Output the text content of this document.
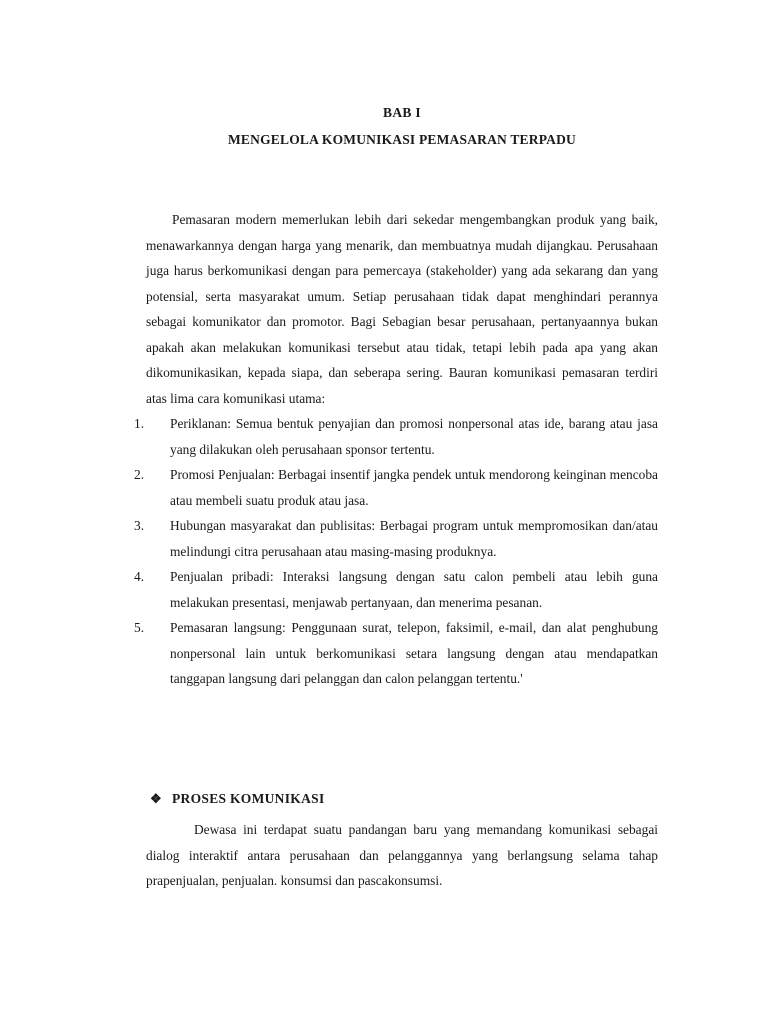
BAB I
MENGELOLA KOMUNIKASI PEMASARAN TERPADU

Pemasaran modern memerlukan lebih dari sekedar mengembangkan produk yang baik, menawarkannya dengan harga yang menarik, dan membuatnya mudah dijangkau. Perusahaan juga harus berkomunikasi dengan para pemercaya (stakeholder) yang ada sekarang dan yang potensial, serta masyarakat umum. Setiap perusahaan tidak dapat menghindari perannya sebagai komunikator dan promotor. Bagi Sebagian besar perusahaan, pertanyaannya bukan apakah akan melakukan komunikasi tersebut atau tidak, tetapi lebih pada apa yang akan dikomunikasikan, kepada siapa, dan seberapa sering. Bauran komunikasi pemasaran terdiri atas lima cara komunikasi utama:

1.	Periklanan: Semua bentuk penyajian dan promosi nonpersonal atas ide, barang atau jasa yang dilakukan oleh perusahaan sponsor tertentu.
2.	Promosi Penjualan: Berbagai insentif jangka pendek untuk mendorong keinginan mencoba atau membeli suatu produk atau jasa.
3.	Hubungan masyarakat dan publisitas: Berbagai program untuk mempromosikan dan/atau melindungi citra perusahaan atau masing-masing produknya.
4.	Penjualan pribadi: Interaksi langsung dengan satu calon pembeli atau lebih guna melakukan presentasi, menjawab pertanyaan, dan menerima pesanan.
5.	Pemasaran langsung: Penggunaan surat, telepon, faksimil, e-mail, dan alat penghubung nonpersonal lain untuk berkomunikasi setara langsung dengan atau mendapatkan tanggapan langsung dari pelanggan dan calon pelanggan tertentu.'
❖ PROSES KOMUNIKASI

Dewasa ini terdapat suatu pandangan baru yang memandang komunikasi sebagai dialog interaktif antara perusahaan dan pelanggannya yang berlangsung selama tahap prapenjualan, penjualan. konsumsi dan pascakonsumsi.
